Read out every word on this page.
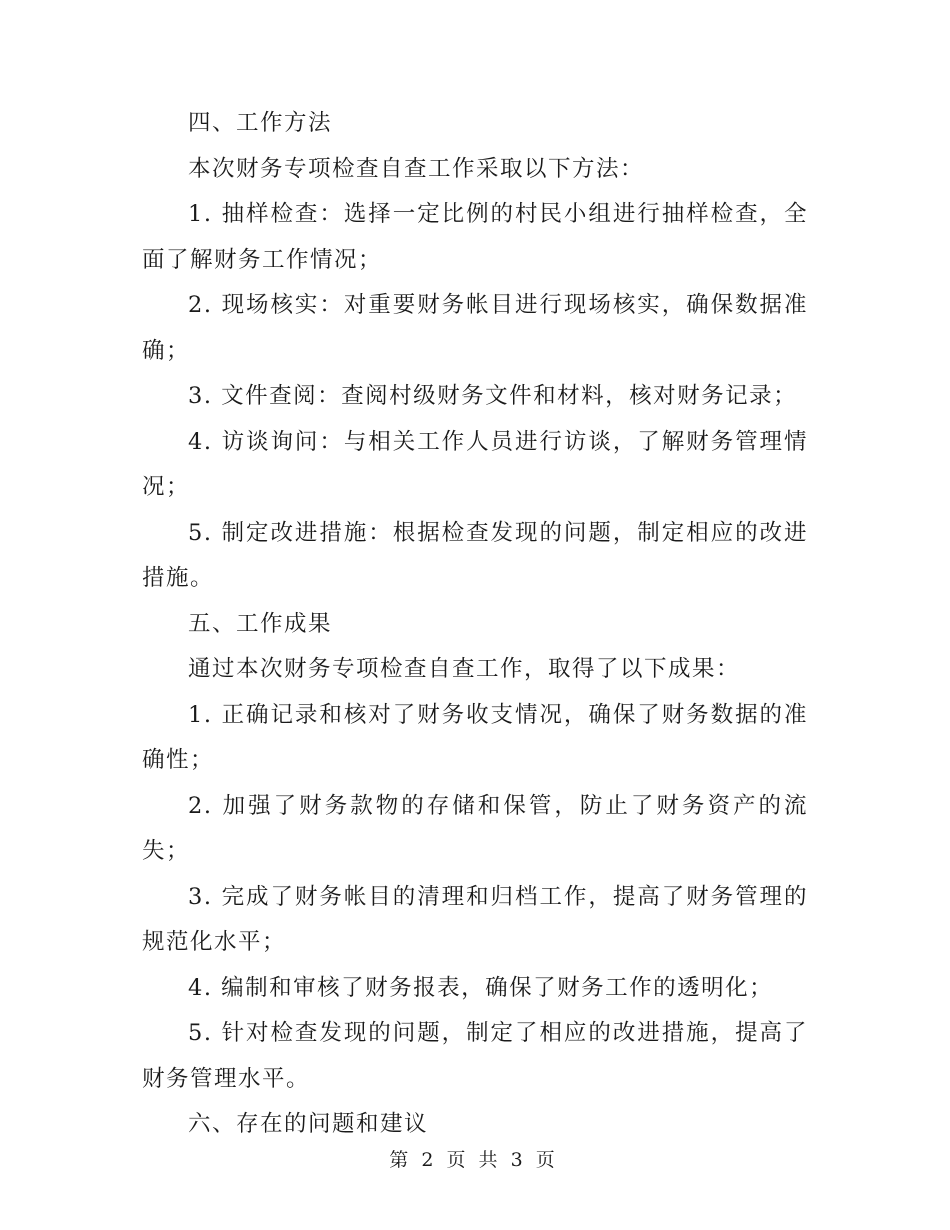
四、工作方法

本次财务专项检查自查工作采取以下方法：

1. 抽样检查：选择一定比例的村民小组进行抽样检查，全面了解财务工作情况；

2. 现场核实：对重要财务帐目进行现场核实，确保数据准确；

3. 文件查阅：查阅村级财务文件和材料，核对财务记录；

4. 访谈询问：与相关工作人员进行访谈，了解财务管理情况；

5. 制定改进措施：根据检查发现的问题，制定相应的改进措施。

五、工作成果

通过本次财务专项检查自查工作，取得了以下成果：

1. 正确记录和核对了财务收支情况，确保了财务数据的准确性；

2. 加强了财务款物的存储和保管，防止了财务资产的流失；

3. 完成了财务帐目的清理和归档工作，提高了财务管理的规范化水平；

4. 编制和审核了财务报表，确保了财务工作的透明化；

5. 针对检查发现的问题，制定了相应的改进措施，提高了财务管理水平。

六、存在的问题和建议

第 2 页 共 3 页
